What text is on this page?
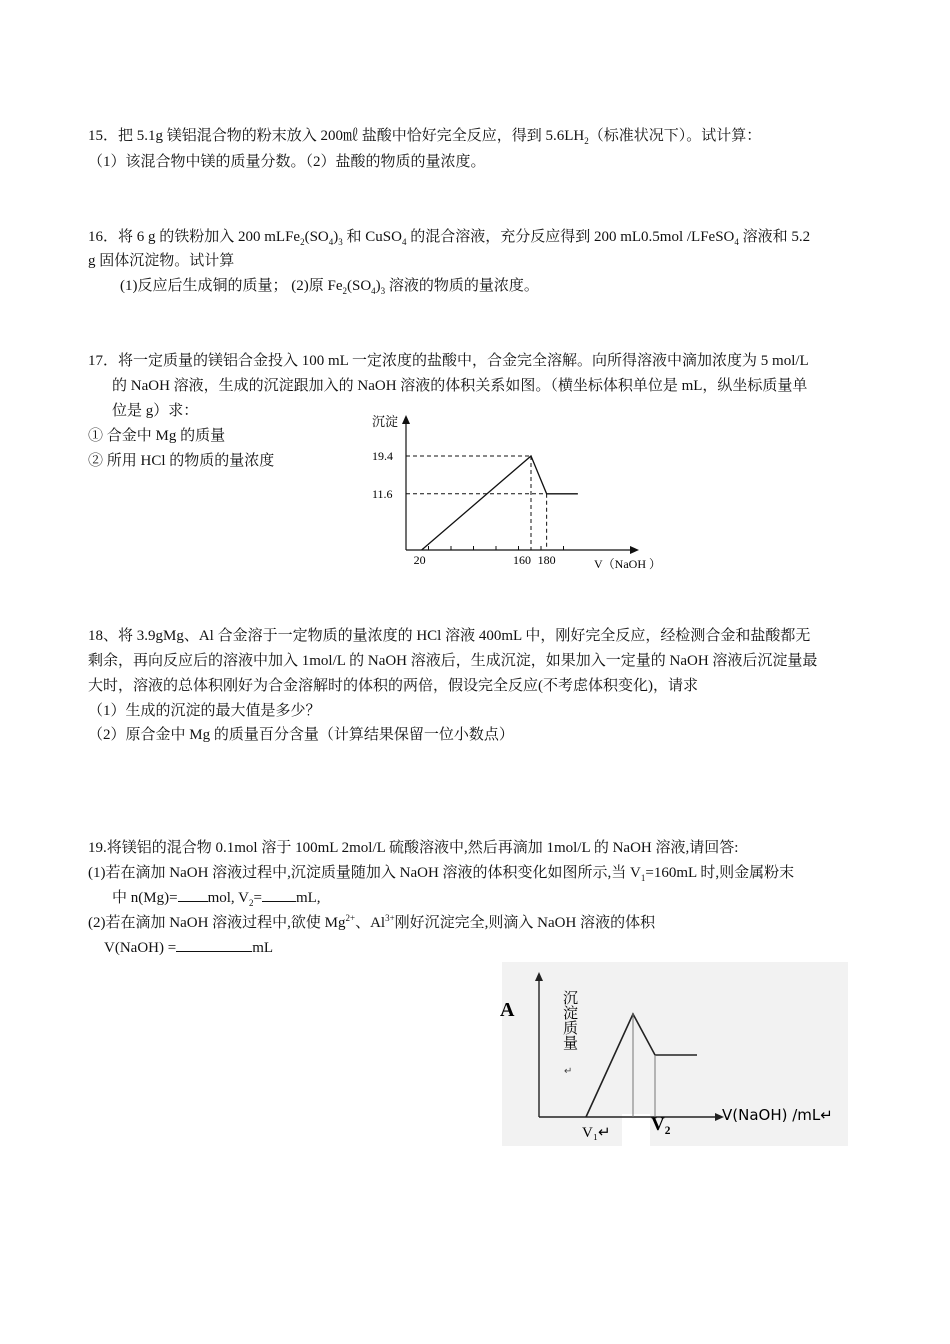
15．把 5.1g 镁铝混合物的粉末放入 200㎖ 盐酸中恰好完全反应，得到 $5.6LH_2$（标准状况下）。试计算：
（1）该混合物中镁的质量分数。（2）盐酸的物质的量浓度。
16．将 6 g 的铁粉加入 200 $mLFe_2(SO_4)_3$ 和 CuSO$_4$ 的混合溶液，充分反应得到 200 mL0.5mol /LFeSO$_4$ 溶液和 5.2
g 固体沉淀物。试计算
(1)反应后生成铜的质量； (2)原 $Fe_2(SO_4)_3$ 溶液的物质的量浓度。
17．将一定质量的镁铝合金投入 100 mL 一定浓度的盐酸中，合金完全溶解。向所得溶液中滴加浓度为 5 mol/L
的 NaOH 溶液，生成的沉淀跟加入的 NaOH 溶液的体积关系如图。（横坐标体积单位是 mL，纵坐标质量单
位是 g）求：
① 合金中 Mg 的质量
② 所用 HCl 的物质的量浓度
沉淀
V（NaOH ）
20	160 180
19.4
11.6
18、将 3.9gMg、Al 合金溶于一定物质的量浓度的 HCl 溶液 400mL 中，刚好完全反应，经检测合金和盐酸都无
剩余，再向反应后的溶液中加入 1mol/L 的 NaOH 溶液后，生成沉淀，如果加入一定量的 NaOH 溶液后沉淀量最
大时，溶液的总体积刚好为合金溶解时的体积的两倍，假设完全反应(不考虑体积变化)，请求
（1）生成的沉淀的最大值是多少？
（2）原合金中 Mg 的质量百分含量（计算结果保留一位小数点）
19.将镁铝的混合物 0.1mol 溶于 100mL 2mol/L 硫酸溶液中,然后再滴加 1mol/L 的 NaOH 溶液,请回答:
(1)若在滴加 NaOH 溶液过程中,沉淀质量随加入 NaOH 溶液的体积变化如图所示,当 $V_1=160mL$ 时,则金属粉末
中 n(Mg)= mol, $V_2=$ mL,
(2)若在滴加 NaOH 溶液过程中,欲使 $Mg^{2+}$、$Al^{3+}$刚好沉淀完全,则滴入 NaOH 溶液的体积
V(NaOH) =	mL
A	沉淀质量
↵
V(NaOH) /mL↵
V₁↵ V₂
